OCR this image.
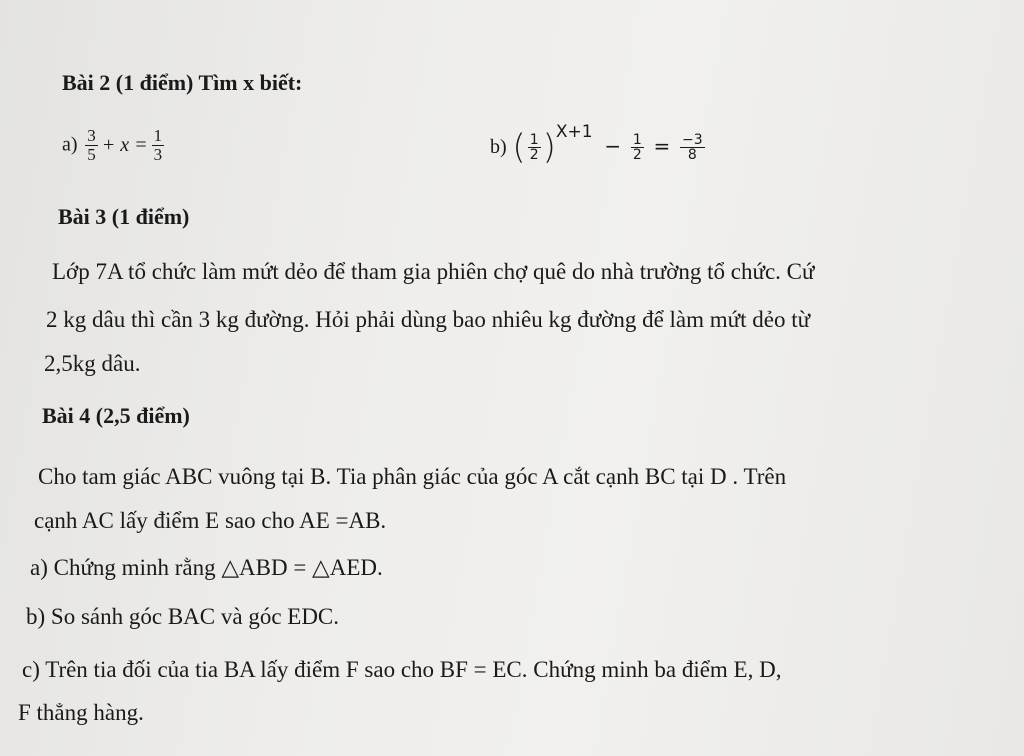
Bài 2 (1 điểm) Tìm x biết:
$a) \frac{3}{5} + x = \frac{1}{3}$	b) ( $\frac{1}{2} )^{X+1} - \frac{1}{2} = \frac{-3}{8}$
Bài 3 (1 điểm)
Lớp 7A tổ chức làm mứt dẻo để tham gia phiên chợ quê do nhà trường tổ chức. Cứ
2 kg dâu thì cần 3 kg đường. Hỏi phải dùng bao nhiêu kg đường để làm mứt dẻo từ
2,5kg dâu.
Bài 4 (2,5 điểm)
Cho tam giác ABC vuông tại B. Tia phân giác của góc A cắt cạnh BC tại D . Trên
cạnh AC lấy điểm E sao cho AE =AB.
a) Chứng minh rằng △ABD = △AED.
b) So sánh góc BAC và góc EDC.
c) Trên tia đối của tia BA lấy điểm F sao cho BF = EC. Chứng minh ba điểm E, D,
F thẳng hàng.
